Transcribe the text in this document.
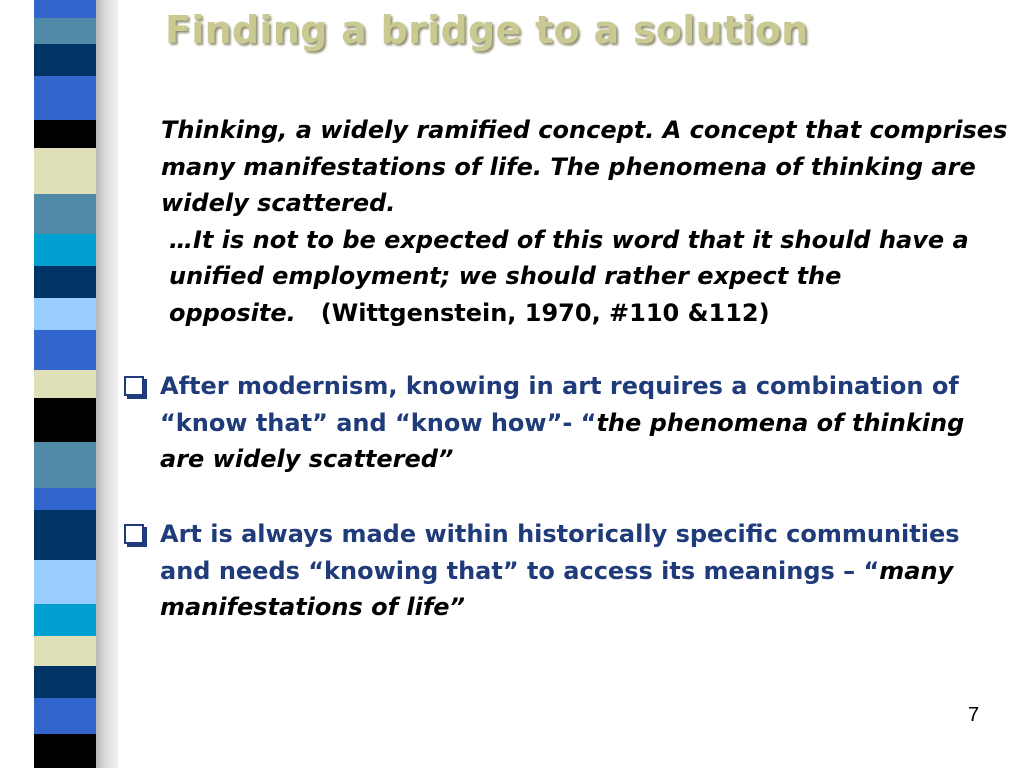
Finding a bridge to a solution

Thinking, a widely ramified concept. A concept that comprises many manifestations of life. The phenomena of thinking are widely scattered.

…It is not to be expected of this word that it should have a unified employment; we should rather expect the opposite. (Wittgenstein, 1970, #110 &112)

After modernism, knowing in art requires a combination of “know that” and “know how”- “the phenomena of thinking are widely scattered”
Art is always made within historically specific communities and needs “knowing that” to access its meanings – “many manifestations of life”
7
